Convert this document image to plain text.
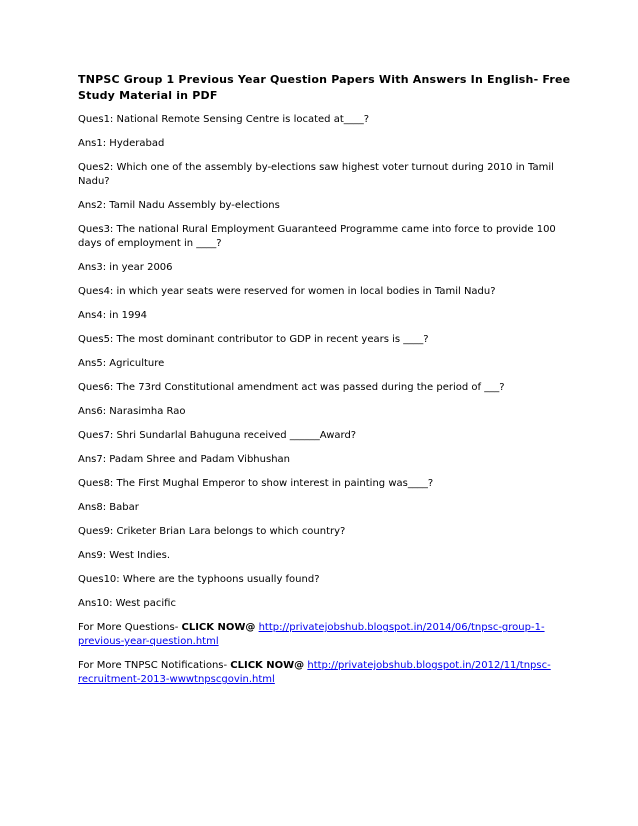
TNPSC Group 1 Previous Year Question Papers With Answers In English- Free Study Material in PDF
Ques1: National Remote Sensing Centre is located at____?
Ans1: Hyderabad
Ques2: Which one of the assembly by-elections saw highest voter turnout during 2010 in Tamil Nadu?
Ans2: Tamil Nadu Assembly by-elections
Ques3: The national Rural Employment Guaranteed Programme came into force to provide 100 days of employment in ____?
Ans3: in year 2006
Ques4: in which year seats were reserved for women in local bodies in Tamil Nadu?
Ans4: in 1994
Ques5: The most dominant contributor to GDP in recent years is ____?
Ans5: Agriculture
Ques6: The 73rd Constitutional amendment act was passed during the period of ___?
Ans6: Narasimha Rao
Ques7: Shri Sundarlal Bahuguna received ______Award?
Ans7: Padam Shree and Padam Vibhushan
Ques8: The First Mughal Emperor to show interest in painting was____?
Ans8: Babar
Ques9: Criketer Brian Lara belongs to which country?
Ans9: West Indies.
Ques10: Where are the typhoons usually found?
Ans10: West pacific
For More Questions- CLICK NOW@ http://privatejobshub.blogspot.in/2014/06/tnpsc-group-1-previous-year-question.html
For More TNPSC Notifications- CLICK NOW@ http://privatejobshub.blogspot.in/2012/11/tnpsc-recruitment-2013-wwwtnpscgovin.html
